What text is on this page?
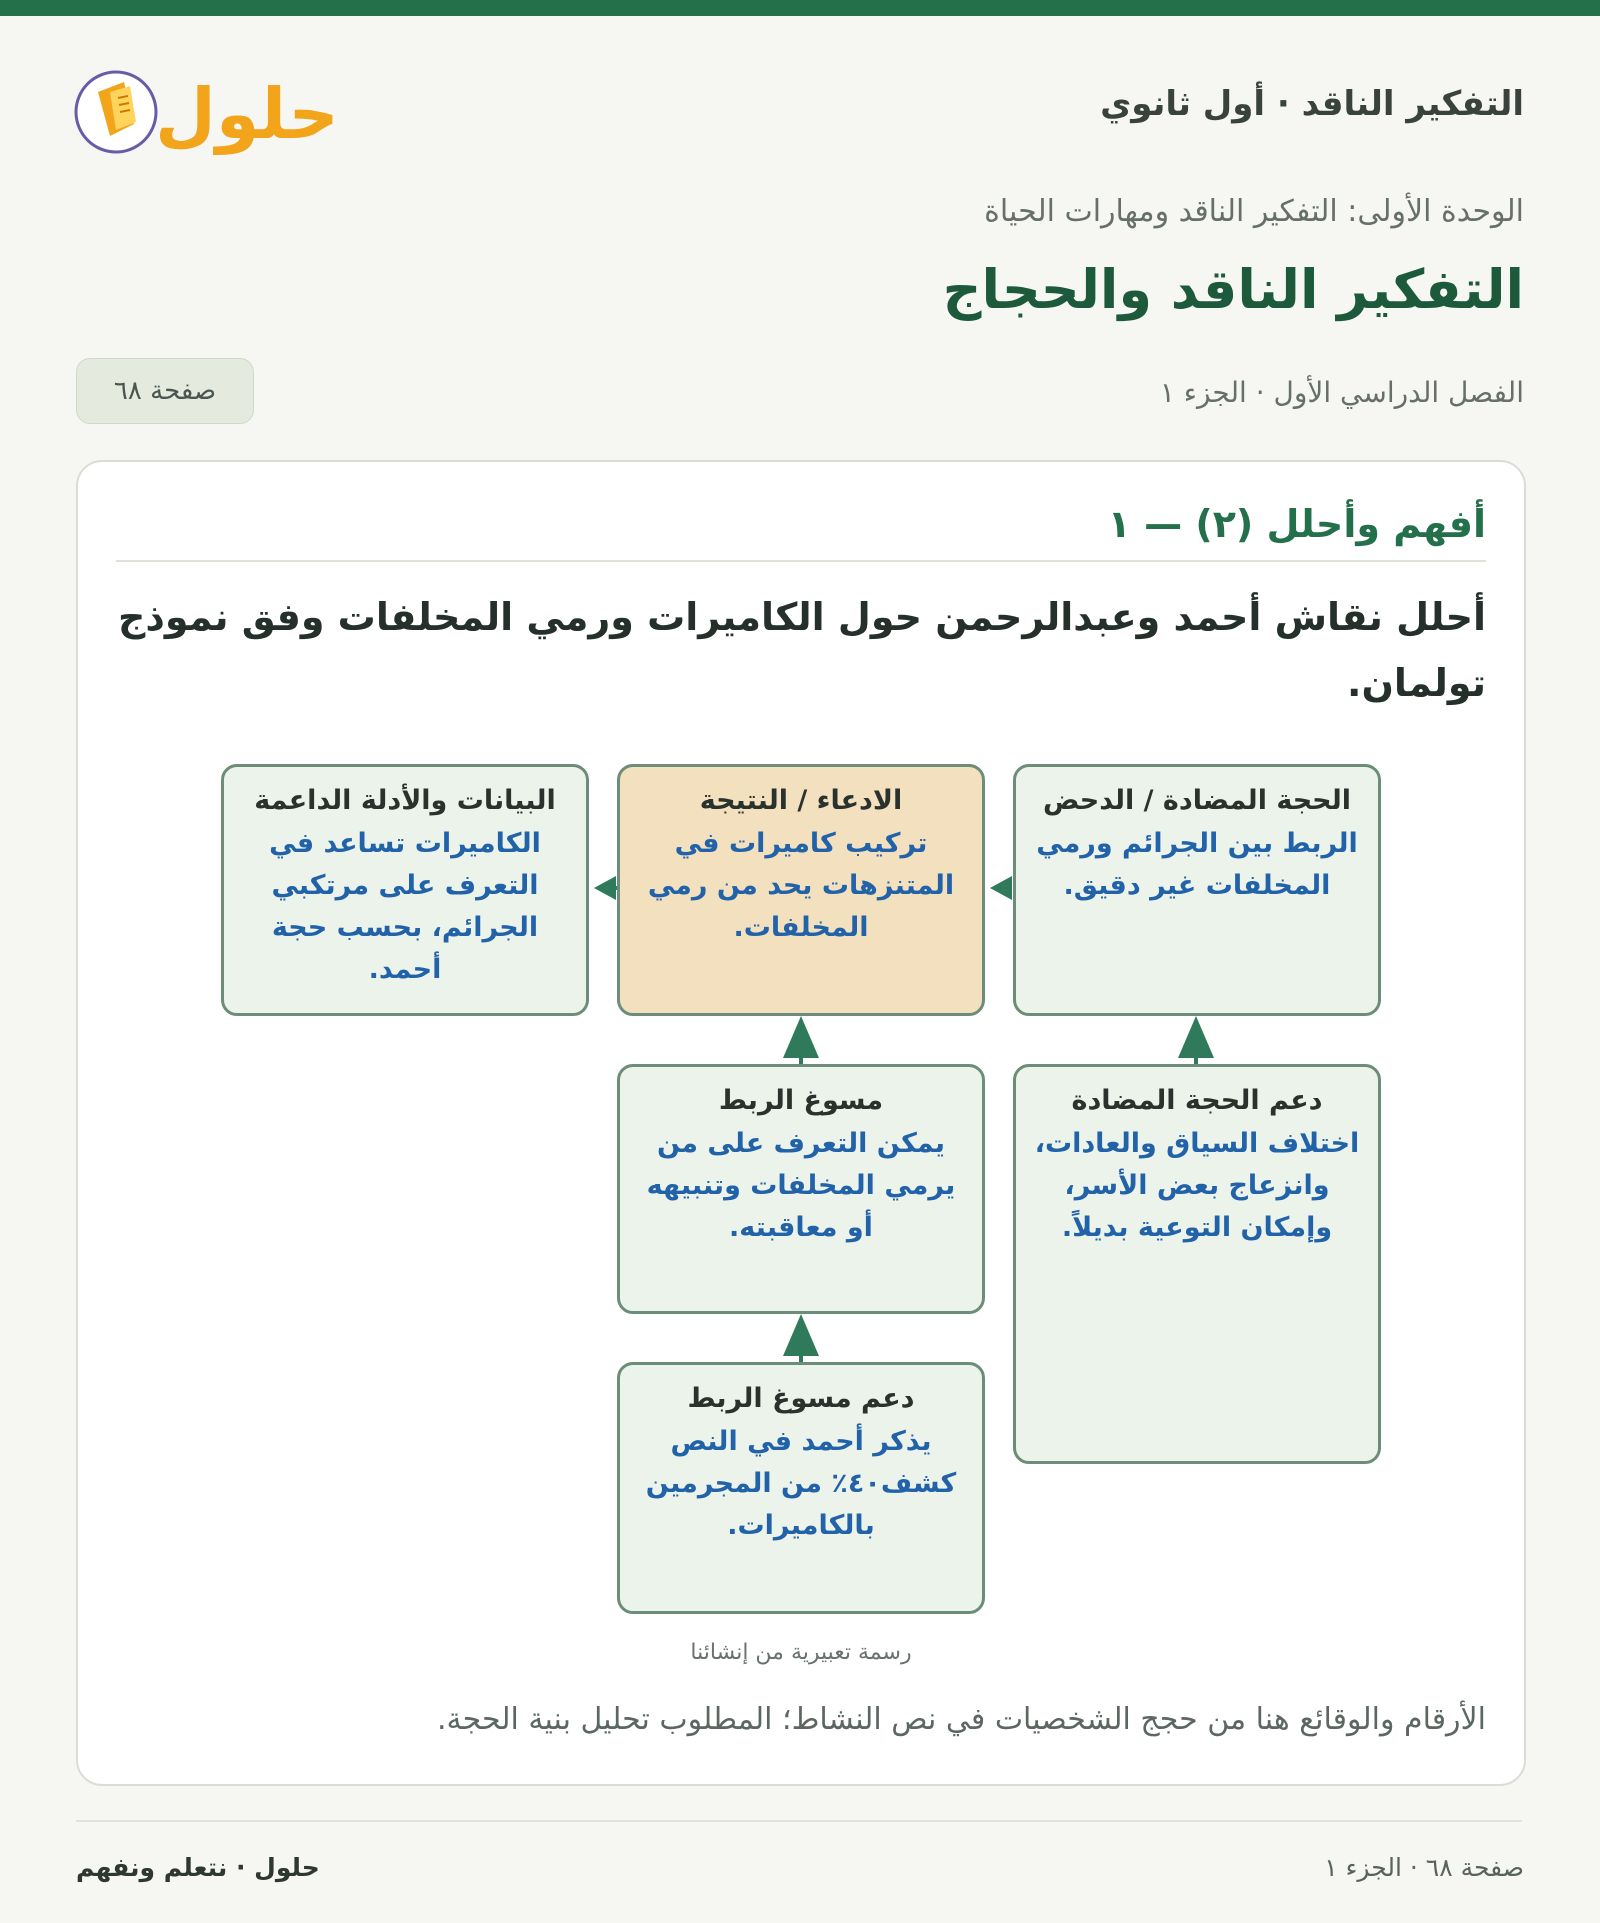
حلول	التفكير الناقد · أول ثانوي
الوحدة الأولى: التفكير الناقد ومهارات الحياة
التفكير الناقد والحجاج
الفصل الدراسي الأول · الجزء ١
صفحة ٦٨
أفهم وأحلل (٢) — ١
أحلل نقاش أحمد وعبدالرحمن حول الكاميرات ورمي المخلفات وفق نموذج تولمان.
الحجة المضادة / الدحض
الربط بين الجرائم ورمي المخلفات غير دقيق.
الادعاء / النتيجة
تركيب كاميرات في المتنزهات يحد من رمي المخلفات.
البيانات والأدلة الداعمة
الكاميرات تساعد في التعرف على مرتكبي الجرائم، بحسب حجة أحمد.
دعم الحجة المضادة
اختلاف السياق والعادات، وانزعاج بعض الأسر، وإمكان التوعية بديلاً.
مسوغ الربط
يمكن التعرف على من يرمي المخلفات وتنبيهه أو معاقبته.
دعم مسوغ الربط
يذكر أحمد في النص كشف٤٠٪ من المجرمين بالكاميرات.
رسمة تعبيرية من إنشائنا
الأرقام والوقائع هنا من حجج الشخصيات في نص النشاط؛ المطلوب تحليل بنية الحجة.
حلول · نتعلم ونفهم	صفحة ٦٨ · الجزء ١
